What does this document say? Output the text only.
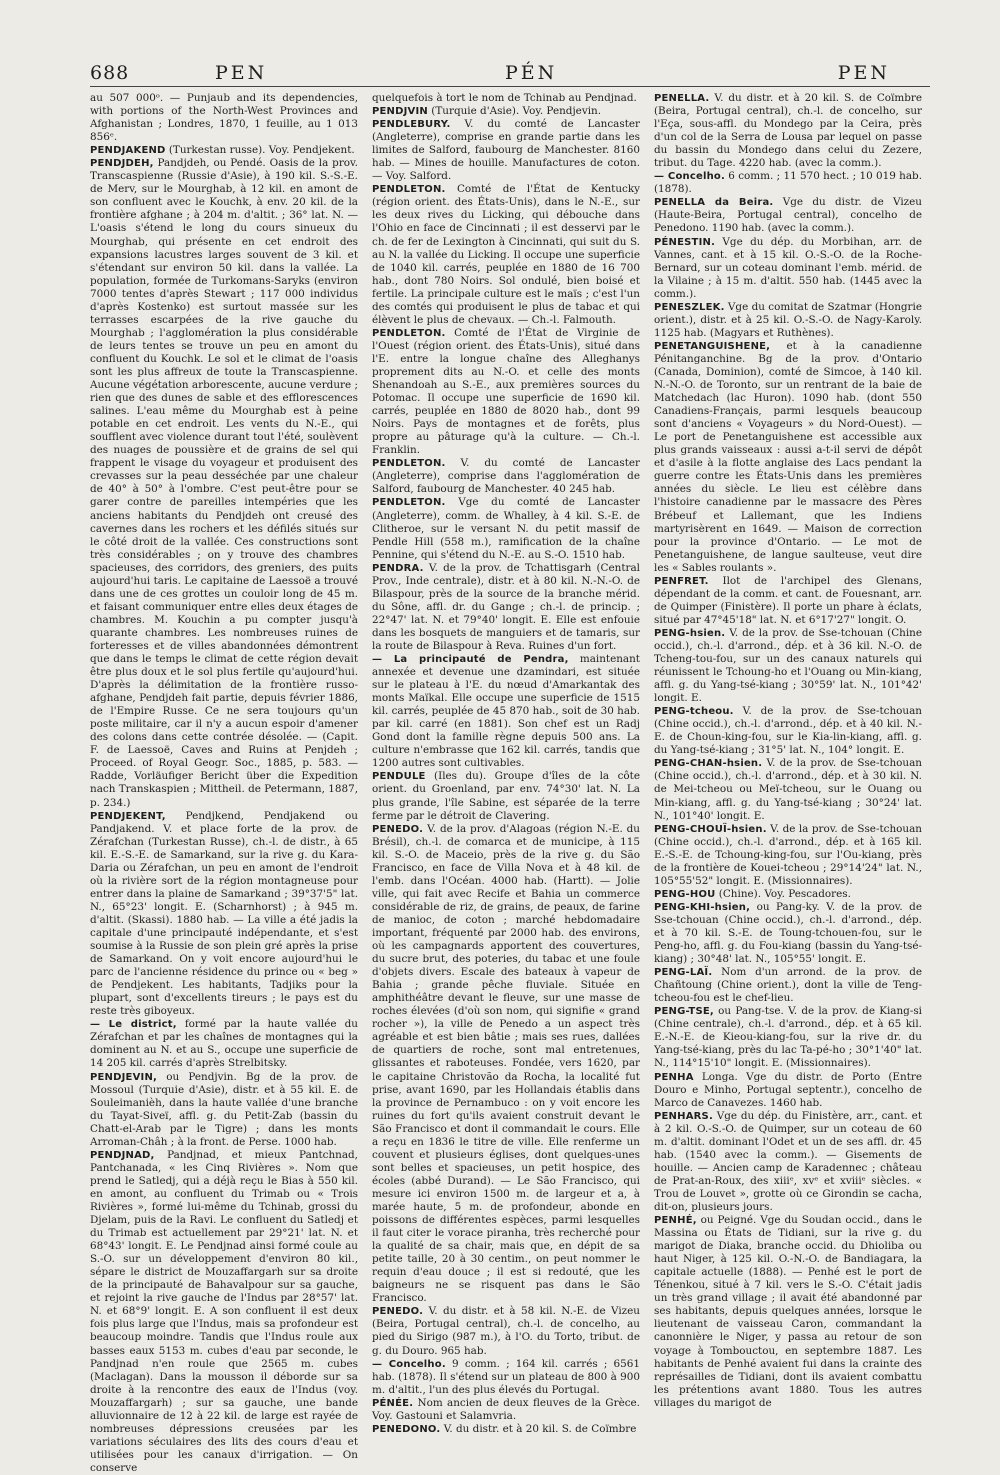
688	PEN	PÉN	PEN

au 507 000ᵒ. — Punjaub and its dependencies, with portions of the North-West Provinces and Afghanistan ; Londres, 1870, 1 feuille, au 1 013 856ᵉ.

PENDJAKEND (Turkestan russe). Voy. Pendjekent.

PENDJDEH, Pandjdeh, ou Pendé. Oasis de la prov. Transcaspienne (Russie d'Asie), à 190 kil. S.-S.-E. de Merv, sur le Mourghab, à 12 kil. en amont de son confluent avec le Kouchk, à env. 20 kil. de la frontière afghane ; à 204 m. d'altit. ; 36° lat. N. — L'oasis s'étend le long du cours sinueux du Mourghab, qui présente en cet endroit des expansions lacustres larges souvent de 3 kil. et s'étendant sur environ 50 kil. dans la vallée. La population, formée de Turkomans-Saryks (environ 7000 tentes d'après Stewart ; 117 000 individus d'après Kostenko) est surtout massée sur les terrasses escarpées de la rive gauche du Mourghab ; l'agglomération la plus considérable de leurs tentes se trouve un peu en amont du confluent du Kouchk. Le sol et le climat de l'oasis sont les plus affreux de toute la Transcaspienne. Aucune végétation arborescente, aucune verdure ; rien que des dunes de sable et des efflorescences salines. L'eau même du Mourghab est à peine potable en cet endroit. Les vents du N.-E., qui soufflent avec violence durant tout l'été, soulèvent des nuages de poussière et de grains de sel qui frappent le visage du voyageur et produisent des crevasses sur la peau desséchée par une chaleur de 40° à 50° à l'ombre. C'est peut-être pour se garer contre de pareilles intempéries que les anciens habitants du Pendjdeh ont creusé des cavernes dans les rochers et les défilés situés sur le côté droit de la vallée. Ces constructions sont très considérables ; on y trouve des chambres spacieuses, des corridors, des greniers, des puits aujourd'hui taris. Le capitaine de Laessoë a trouvé dans une de ces grottes un couloir long de 45 m. et faisant communiquer entre elles deux étages de chambres. M. Kouchin a pu compter jusqu'à quarante chambres. Les nombreuses ruines de forteresses et de villes abandonnées démontrent que dans le temps le climat de cette région devait être plus doux et le sol plus fertile qu'aujourd'hui. D'après la délimitation de la frontière russo-afghane, Pendjdeh fait partie, depuis février 1886, de l'Empire Russe. Ce ne sera toujours qu'un poste militaire, car il n'y a aucun espoir d'amener des colons dans cette contrée désolée. — (Capit. F. de Laessoë, Caves and Ruins at Penjdeh ; Proceed. of Royal Geogr. Soc., 1885, p. 583. — Radde, Vorläufiger Bericht über die Expedition nach Transkaspien ; Mittheil. de Petermann, 1887, p. 234.)

PENDJEKENT, Pendjkend, Pendjakend ou Pandjakend. V. et place forte de la prov. de Zérafchan (Turkestan Russe), ch.-l. de distr., à 65 kil. E.-S.-E. de Samarkand, sur la rive g. du Kara-Daria ou Zérafchan, un peu en amont de l'endroit où la rivière sort de la région montagneuse pour entrer dans la plaine de Samarkand ; 39°37'5" lat. N., 65°23' longit. E. (Scharnhorst) ; à 945 m. d'altit. (Skassi). 1880 hab. — La ville a été jadis la capitale d'une principauté indépendante, et s'est soumise à la Russie de son plein gré après la prise de Samarkand. On y voit encore aujourd'hui le parc de l'ancienne résidence du prince ou « beg » de Pendjekent. Les habitants, Tadjiks pour la plupart, sont d'excellents tireurs ; le pays est du reste très giboyeux.

— Le district, formé par la haute vallée du Zérafchan et par les chaînes de montagnes qui la dominent au N. et au S., occupe une superficie de 14 205 kil. carrés d'après Strelbitsky.

PENDJEVIN, ou Pendjvin. Bg de la prov. de Mossoul (Turquie d'Asie), distr. et à 55 kil. E. de Souleimanièh, dans la haute vallée d'une branche du Tayat-Siveï, affl. g. du Petit-Zab (bassin du Chatt-el-Arab par le Tigre) ; dans les monts Arroman-Châh ; à la front. de Perse. 1000 hab.

PENDJNAD, Pandjnad, et mieux Pantchnad, Pantchanada, « les Cinq Rivières ». Nom que prend le Satledj, qui a déjà reçu le Bias à 550 kil. en amont, au confluent du Trimab ou « Trois Rivières », formé lui-même du Tchinab, grossi du Djelam, puis de la Ravi. Le confluent du Satledj et du Trimab est actuellement par 29°21' lat. N. et 68°43' longit. E. Le Pendjnad ainsi formé coule au S.-O. sur un développement d'environ 80 kil., sépare le district de Mouzaffargarh sur sa droite de la principauté de Bahavalpour sur sa gauche, et rejoint la rive gauche de l'Indus par 28°57' lat. N. et 68°9' longit. E. A son confluent il est deux fois plus large que l'Indus, mais sa profondeur est beaucoup moindre. Tandis que l'Indus roule aux basses eaux 5153 m. cubes d'eau par seconde, le Pandjnad n'en roule que 2565 m. cubes (Maclagan). Dans la mousson il déborde sur sa droite à la rencontre des eaux de l'Indus (voy. Mouzaffargarh) ; sur sa gauche, une bande alluvionnaire de 12 à 22 kil. de large est rayée de nombreuses dépressions creusées par les variations séculaires des lits des cours d'eau et utilisées pour les canaux d'irrigation. — On conserve

quelquefois à tort le nom de Tchinab au Pendjnad.

PENDJVIN (Turquie d'Asie). Voy. Pendjevin.

PENDLEBURY. V. du comté de Lancaster (Angleterre), comprise en grande partie dans les limites de Salford, faubourg de Manchester. 8160 hab. — Mines de houille. Manufactures de coton. — Voy. Salford.

PENDLETON. Comté de l'État de Kentucky (région orient. des États-Unis), dans le N.-E., sur les deux rives du Licking, qui débouche dans l'Ohio en face de Cincinnati ; il est desservi par le ch. de fer de Lexington à Cincinnati, qui suit du S. au N. la vallée du Licking. Il occupe une superficie de 1040 kil. carrés, peuplée en 1880 de 16 700 hab., dont 780 Noirs. Sol ondulé, bien boisé et fertile. La principale culture est le maïs ; c'est l'un des comtés qui produisent le plus de tabac et qui élèvent le plus de chevaux. — Ch.-l. Falmouth.

PENDLETON. Comté de l'État de Virginie de l'Ouest (région orient. des États-Unis), situé dans l'E. entre la longue chaîne des Alleghanys proprement dits au N.-O. et celle des monts Shenandoah au S.-E., aux premières sources du Potomac. Il occupe une superficie de 1690 kil. carrés, peuplée en 1880 de 8020 hab., dont 99 Noirs. Pays de montagnes et de forêts, plus propre au pâturage qu'à la culture. — Ch.-l. Franklin.

PENDLETON. V. du comté de Lancaster (Angleterre), comprise dans l'agglomération de Salford, faubourg de Manchester. 40 245 hab.

PENDLETON. Vge du comté de Lancaster (Angleterre), comm. de Whalley, à 4 kil. S.-E. de Clitheroe, sur le versant N. du petit massif de Pendle Hill (558 m.), ramification de la chaîne Pennine, qui s'étend du N.-E. au S.-O. 1510 hab.

PENDRA. V. de la prov. de Tchattisgarh (Central Prov., Inde centrale), distr. et à 80 kil. N.-N.-O. de Bilaspour, près de la source de la branche mérid. du Sône, affl. dr. du Gange ; ch.-l. de princip. ; 22°47' lat. N. et 79°40' longit. E. Elle est enfouie dans les bosquets de manguiers et de tamaris, sur la route de Bilaspour à Reva. Ruines d'un fort.

— La principauté de Pendra, maintenant annexée et devenue une dzamindari, est située sur le plateau à l'E. du nœud d'Amarkantak des monts Maïkal. Elle occupe une superficie de 1515 kil. carrés, peuplée de 45 870 hab., soit de 30 hab. par kil. carré (en 1881). Son chef est un Radj Gond dont la famille règne depuis 500 ans. La culture n'embrasse que 162 kil. carrés, tandis que 1200 autres sont cultivables.

PENDULE (Iles du). Groupe d'îles de la côte orient. du Groenland, par env. 74°30' lat. N. La plus grande, l'île Sabine, est séparée de la terre ferme par le détroit de Clavering.

PENEDO. V. de la prov. d'Alagoas (région N.-E. du Brésil), ch.-l. de comarca et de municipe, à 115 kil. S.-O. de Maceio, près de la rive g. du São Francisco, en face de Villa Nova et à 48 kil. de l'emb. dans l'Océan. 4000 hab. (Hartt). — Jolie ville, qui fait avec Recife et Bahia un commerce considérable de riz, de grains, de peaux, de farine de manioc, de coton ; marché hebdomadaire important, fréquenté par 2000 hab. des environs, où les campagnards apportent des couvertures, du sucre brut, des poteries, du tabac et une foule d'objets divers. Escale des bateaux à vapeur de Bahia ; grande pêche fluviale. Située en amphithéâtre devant le fleuve, sur une masse de roches élevées (d'où son nom, qui signifie « grand rocher »), la ville de Penedo a un aspect très agréable et est bien bâtie ; mais ses rues, dallées de quartiers de roche, sont mal entretenues, glissantes et raboteuses. Fondée, vers 1620, par le capitaine Christovão da Rocha, la localité fut prise, avant 1690, par les Hollandais établis dans la province de Pernambuco : on y voit encore les ruines du fort qu'ils avaient construit devant le São Francisco et dont il commandait le cours. Elle a reçu en 1836 le titre de ville. Elle renferme un couvent et plusieurs églises, dont quelques-unes sont belles et spacieuses, un petit hospice, des écoles (abbé Durand). — Le São Francisco, qui mesure ici environ 1500 m. de largeur et a, à marée haute, 5 m. de profondeur, abonde en poissons de différentes espèces, parmi lesquelles il faut citer le vorace piranha, très recherché pour la qualité de sa chair, mais que, en dépit de sa petite taille, 20 à 30 centim., on peut nommer le requin d'eau douce ; il est si redouté, que les baigneurs ne se risquent pas dans le São Francisco.

PENEDO. V. du distr. et à 58 kil. N.-E. de Vizeu (Beira, Portugal central), ch.-l. de concelho, au pied du Sirigo (987 m.), à l'O. du Torto, tribut. de g. du Douro. 965 hab.

— Concelho. 9 comm. ; 164 kil. carrés ; 6561 hab. (1878). Il s'étend sur un plateau de 800 à 900 m. d'altit., l'un des plus élevés du Portugal.

PÉNÉE. Nom ancien de deux fleuves de la Grèce. Voy. Gastouni et Salamvria.

PENEDONO. V. du distr. et à 20 kil. S. de Coïmbre

PENELLA. V. du distr. et à 20 kil. S. de Coïmbre (Beira, Portugal central), ch.-l. de concelho, sur l'Eça, sous-affl. du Mondego par la Ceira, près d'un col de la Serra de Lousa par lequel on passe du bassin du Mondego dans celui du Zezere, tribut. du Tage. 4220 hab. (avec la comm.).

— Concelho. 6 comm. ; 11 570 hect. ; 10 019 hab. (1878).

PENELLA da Beira. Vge du distr. de Vizeu (Haute-Beira, Portugal central), concelho de Penedono. 1190 hab. (avec la comm.).

PÉNESTIN. Vge du dép. du Morbihan, arr. de Vannes, cant. et à 15 kil. O.-S.-O. de la Roche-Bernard, sur un coteau dominant l'emb. mérid. de la Vilaine ; à 15 m. d'altit. 550 hab. (1445 avec la comm.).

PENESZLEK. Vge du comitat de Szatmar (Hongrie orient.), distr. et à 25 kil. O.-S.-O. de Nagy-Karoly. 1125 hab. (Magyars et Ruthènes).

PENETANGUISHENE, et à la canadienne Pénitanganchine. Bg de la prov. d'Ontario (Canada, Dominion), comté de Simcoe, à 140 kil. N.-N.-O. de Toronto, sur un rentrant de la baie de Matchedach (lac Huron). 1090 hab. (dont 550 Canadiens-Français, parmi lesquels beaucoup sont d'anciens « Voyageurs » du Nord-Ouest). — Le port de Penetanguishene est accessible aux plus grands vaisseaux : aussi a-t-il servi de dépôt et d'asile à la flotte anglaise des Lacs pendant la guerre contre les États-Unis dans les premières années du siècle. Le lieu est célèbre dans l'histoire canadienne par le massacre des Pères Brébeuf et Lallemant, que les Indiens martyrisèrent en 1649. — Maison de correction pour la province d'Ontario. — Le mot de Penetanguishene, de langue saulteuse, veut dire les « Sables roulants ».

PENFRET. Ilot de l'archipel des Glenans, dépendant de la comm. et cant. de Fouesnant, arr. de Quimper (Finistère). Il porte un phare à éclats, situé par 47°45'18" lat. N. et 6°17'27" longit. O.

PENG-hsien. V. de la prov. de Sse-tchouan (Chine occid.), ch.-l. d'arrond., dép. et à 36 kil. N.-O. de Tcheng-tou-fou, sur un des canaux naturels qui réunissent le Tchoung-ho et l'Ouang ou Min-kiang, affl. g. du Yang-tsé-kiang ; 30°59' lat. N., 101°42' longit. E.

PENG-tcheou. V. de la prov. de Sse-tchouan (Chine occid.), ch.-l. d'arrond., dép. et à 40 kil. N.-E. de Choun-king-fou, sur le Kia-lin-kiang, affl. g. du Yang-tsé-kiang ; 31°5' lat. N., 104° longit. E.

PENG-CHAN-hsien. V. de la prov. de Sse-tchouan (Chine occid.), ch.-l. d'arrond., dép. et à 30 kil. N. de Mei-tcheou ou Meï-tcheou, sur le Ouang ou Min-kiang, affl. g. du Yang-tsé-kiang ; 30°24' lat. N., 101°40' longit. E.

PENG-CHOUÏ-hsien. V. de la prov. de Sse-tchouan (Chine occid.), ch.-l. d'arrond., dép. et à 165 kil. E.-S.-E. de Tchoung-king-fou, sur l'Ou-kiang, près de la frontière de Kouei-tcheou ; 29°14'24" lat. N., 105°55'52" longit. E. (Missionnaires).

PENG-HOU (Chine). Voy. Pescadores.

PENG-KHI-hsien, ou Pang-ky. V. de la prov. de Sse-tchouan (Chine occid.), ch.-l. d'arrond., dép. et à 70 kil. S.-E. de Toung-tchouen-fou, sur le Peng-ho, affl. g. du Fou-kiang (bassin du Yang-tsé-kiang) ; 30°48' lat. N., 105°55' longit. E.

PENG-LAÏ. Nom d'un arrond. de la prov. de Chañtoung (Chine orient.), dont la ville de Teng-tcheou-fou est le chef-lieu.

PENG-TSE, ou Pang-tse. V. de la prov. de Kiang-si (Chine centrale), ch.-l. d'arrond., dép. et à 65 kil. E.-N.-E. de Kieou-kiang-fou, sur la rive dr. du Yang-tsé-kiang, près du lac Ta-pé-ho ; 30°1'40" lat. N., 114°15'10" longit. E. (Missionnaires).

PENHA Longa. Vge du distr. de Porto (Entre Douro e Minho, Portugal septentr.), concelho de Marco de Canavezes. 1460 hab.

PENHARS. Vge du dép. du Finistère, arr., cant. et à 2 kil. O.-S.-O. de Quimper, sur un coteau de 60 m. d'altit. dominant l'Odet et un de ses affl. dr. 45 hab. (1540 avec la comm.). — Gisements de houille. — Ancien camp de Karadennec ; château de Prat-an-Roux, des xiiiᵉ, xvᵉ et xviiiᵉ siècles. « Trou de Louvet », grotte où ce Girondin se cacha, dit-on, plusieurs jours.

PENHÉ, ou Peigné. Vge du Soudan occid., dans le Massina ou États de Tidiani, sur la rive g. du marigot de Diaka, branche occid. du Dhioliba ou haut Niger, à 125 kil. O.-N.-O. de Bandiagara, la capitale actuelle (1888). — Penhé est le port de Ténenkou, situé à 7 kil. vers le S.-O. C'était jadis un très grand village ; il avait été abandonné par ses habitants, depuis quelques années, lorsque le lieutenant de vaisseau Caron, commandant la canonnière le Niger, y passa au retour de son voyage à Tombouctou, en septembre 1887. Les habitants de Penhé avaient fui dans la crainte des représailles de Tidiani, dont ils avaient combattu les prétentions avant 1880. Tous les autres villages du marigot de
